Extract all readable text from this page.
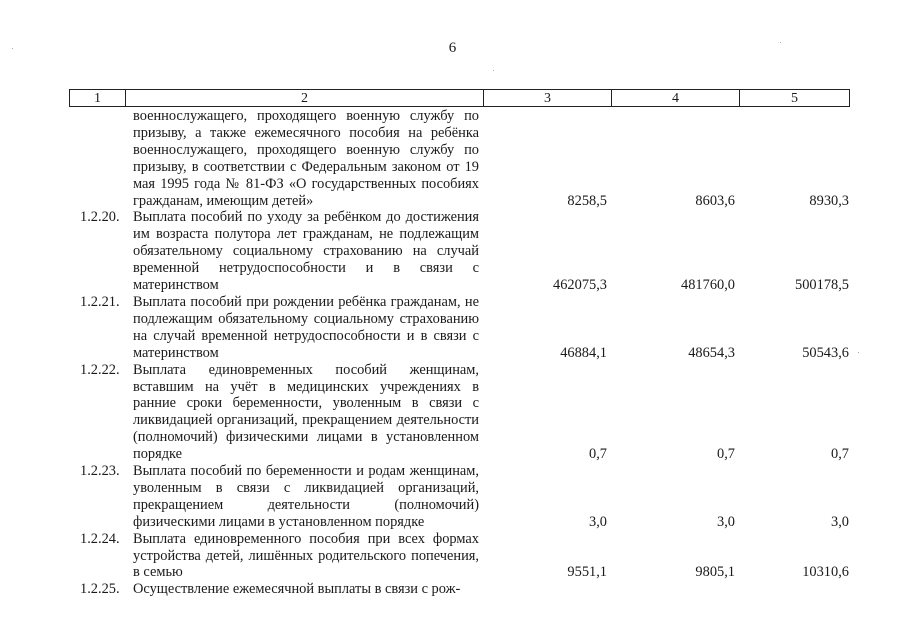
6
1	2	3	4	5
военнослужащего, проходящего военную службу по призыву, а также ежемесячного пособия на ребёнка военнослужащего, проходящего военную службу по призыву, в соответствии с Федеральным законом от 19 мая 1995 года № 81-ФЗ «О государственных пособиях гражданам, имеющим детей»	8258,5	8603,6	8930,3
1.2.20. Выплата пособий по уходу за ребёнком до достижения им возраста полутора лет гражданам, не подлежащим обязательному социальному страхованию на случай временной нетрудоспособности и в связи с материнством	462075,3	481760,0	500178,5
1.2.21. Выплата пособий при рождении ребёнка гражданам, не подлежащим обязательному социальному страхованию на случай временной нетрудоспособности и в связи с материнством	46884,1	48654,3	50543,6
1.2.22. Выплата единовременных пособий женщинам, вставшим на учёт в медицинских учреждениях в ранние сроки беременности, уволенным в связи с ликвидацией организаций, прекращением деятельности (полномочий) физическими лицами в установленном порядке	0,7	0,7	0,7
1.2.23. Выплата пособий по беременности и родам женщинам, уволенным в связи с ликвидацией организаций, прекращением деятельности (полномочий) физическими лицами в установленном порядке	3,0	3,0	3,0
1.2.24. Выплата единовременного пособия при всех формах устройства детей, лишённых родительского попечения, в семью	9551,1	9805,1	10310,6
1.2.25. Осуществление ежемесячной выплаты в связи с рож-
